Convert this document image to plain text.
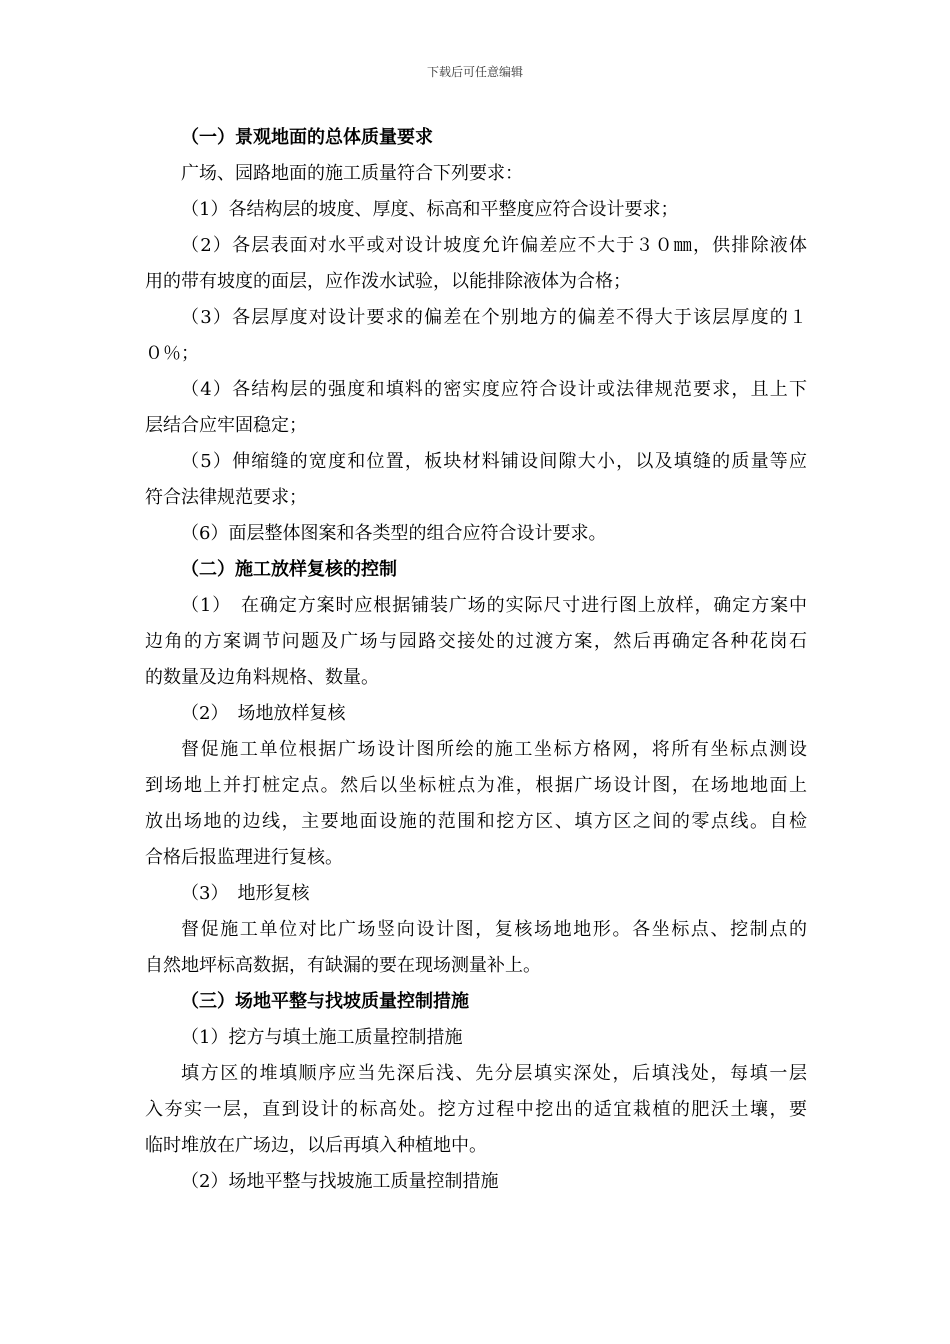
下载后可任意编辑
（一）景观地面的总体质量要求
广场、园路地面的施工质量符合下列要求：
（1）各结构层的坡度、厚度、标高和平整度应符合设计要求；
（2）各层表面对水平或对设计坡度允许偏差应不大于３０㎜，供排除液体
用的带有坡度的面层，应作泼水试验，以能排除液体为合格；
（3）各层厚度对设计要求的偏差在个别地方的偏差不得大于该层厚度的１
０％；
（4）各结构层的强度和填料的密实度应符合设计或法律规范要求，且上下
层结合应牢固稳定；
（5）伸缩缝的宽度和位置，板块材料铺设间隙大小，以及填缝的质量等应
符合法律规范要求；
（6）面层整体图案和各类型的组合应符合设计要求。
（二）施工放样复核的控制
（1）　在确定方案时应根据铺装广场的实际尺寸进行图上放样，确定方案中
边角的方案调节问题及广场与园路交接处的过渡方案，然后再确定各种花岗石
的数量及边角料规格、数量。
（2）　场地放样复核
督促施工单位根据广场设计图所绘的施工坐标方格网，将所有坐标点测设
到场地上并打桩定点。然后以坐标桩点为准，根据广场设计图，在场地地面上
放出场地的边线，主要地面设施的范围和挖方区、填方区之间的零点线。自检
合格后报监理进行复核。
（3）　地形复核
督促施工单位对比广场竖向设计图，复核场地地形。各坐标点、挖制点的
自然地坪标高数据，有缺漏的要在现场测量补上。
（三）场地平整与找坡质量控制措施
（1）挖方与填土施工质量控制措施
填方区的堆填顺序应当先深后浅、先分层填实深处，后填浅处，每填一层
入夯实一层，直到设计的标高处。挖方过程中挖出的适宜栽植的肥沃土壤，要
临时堆放在广场边，以后再填入种植地中。
（2）场地平整与找坡施工质量控制措施
